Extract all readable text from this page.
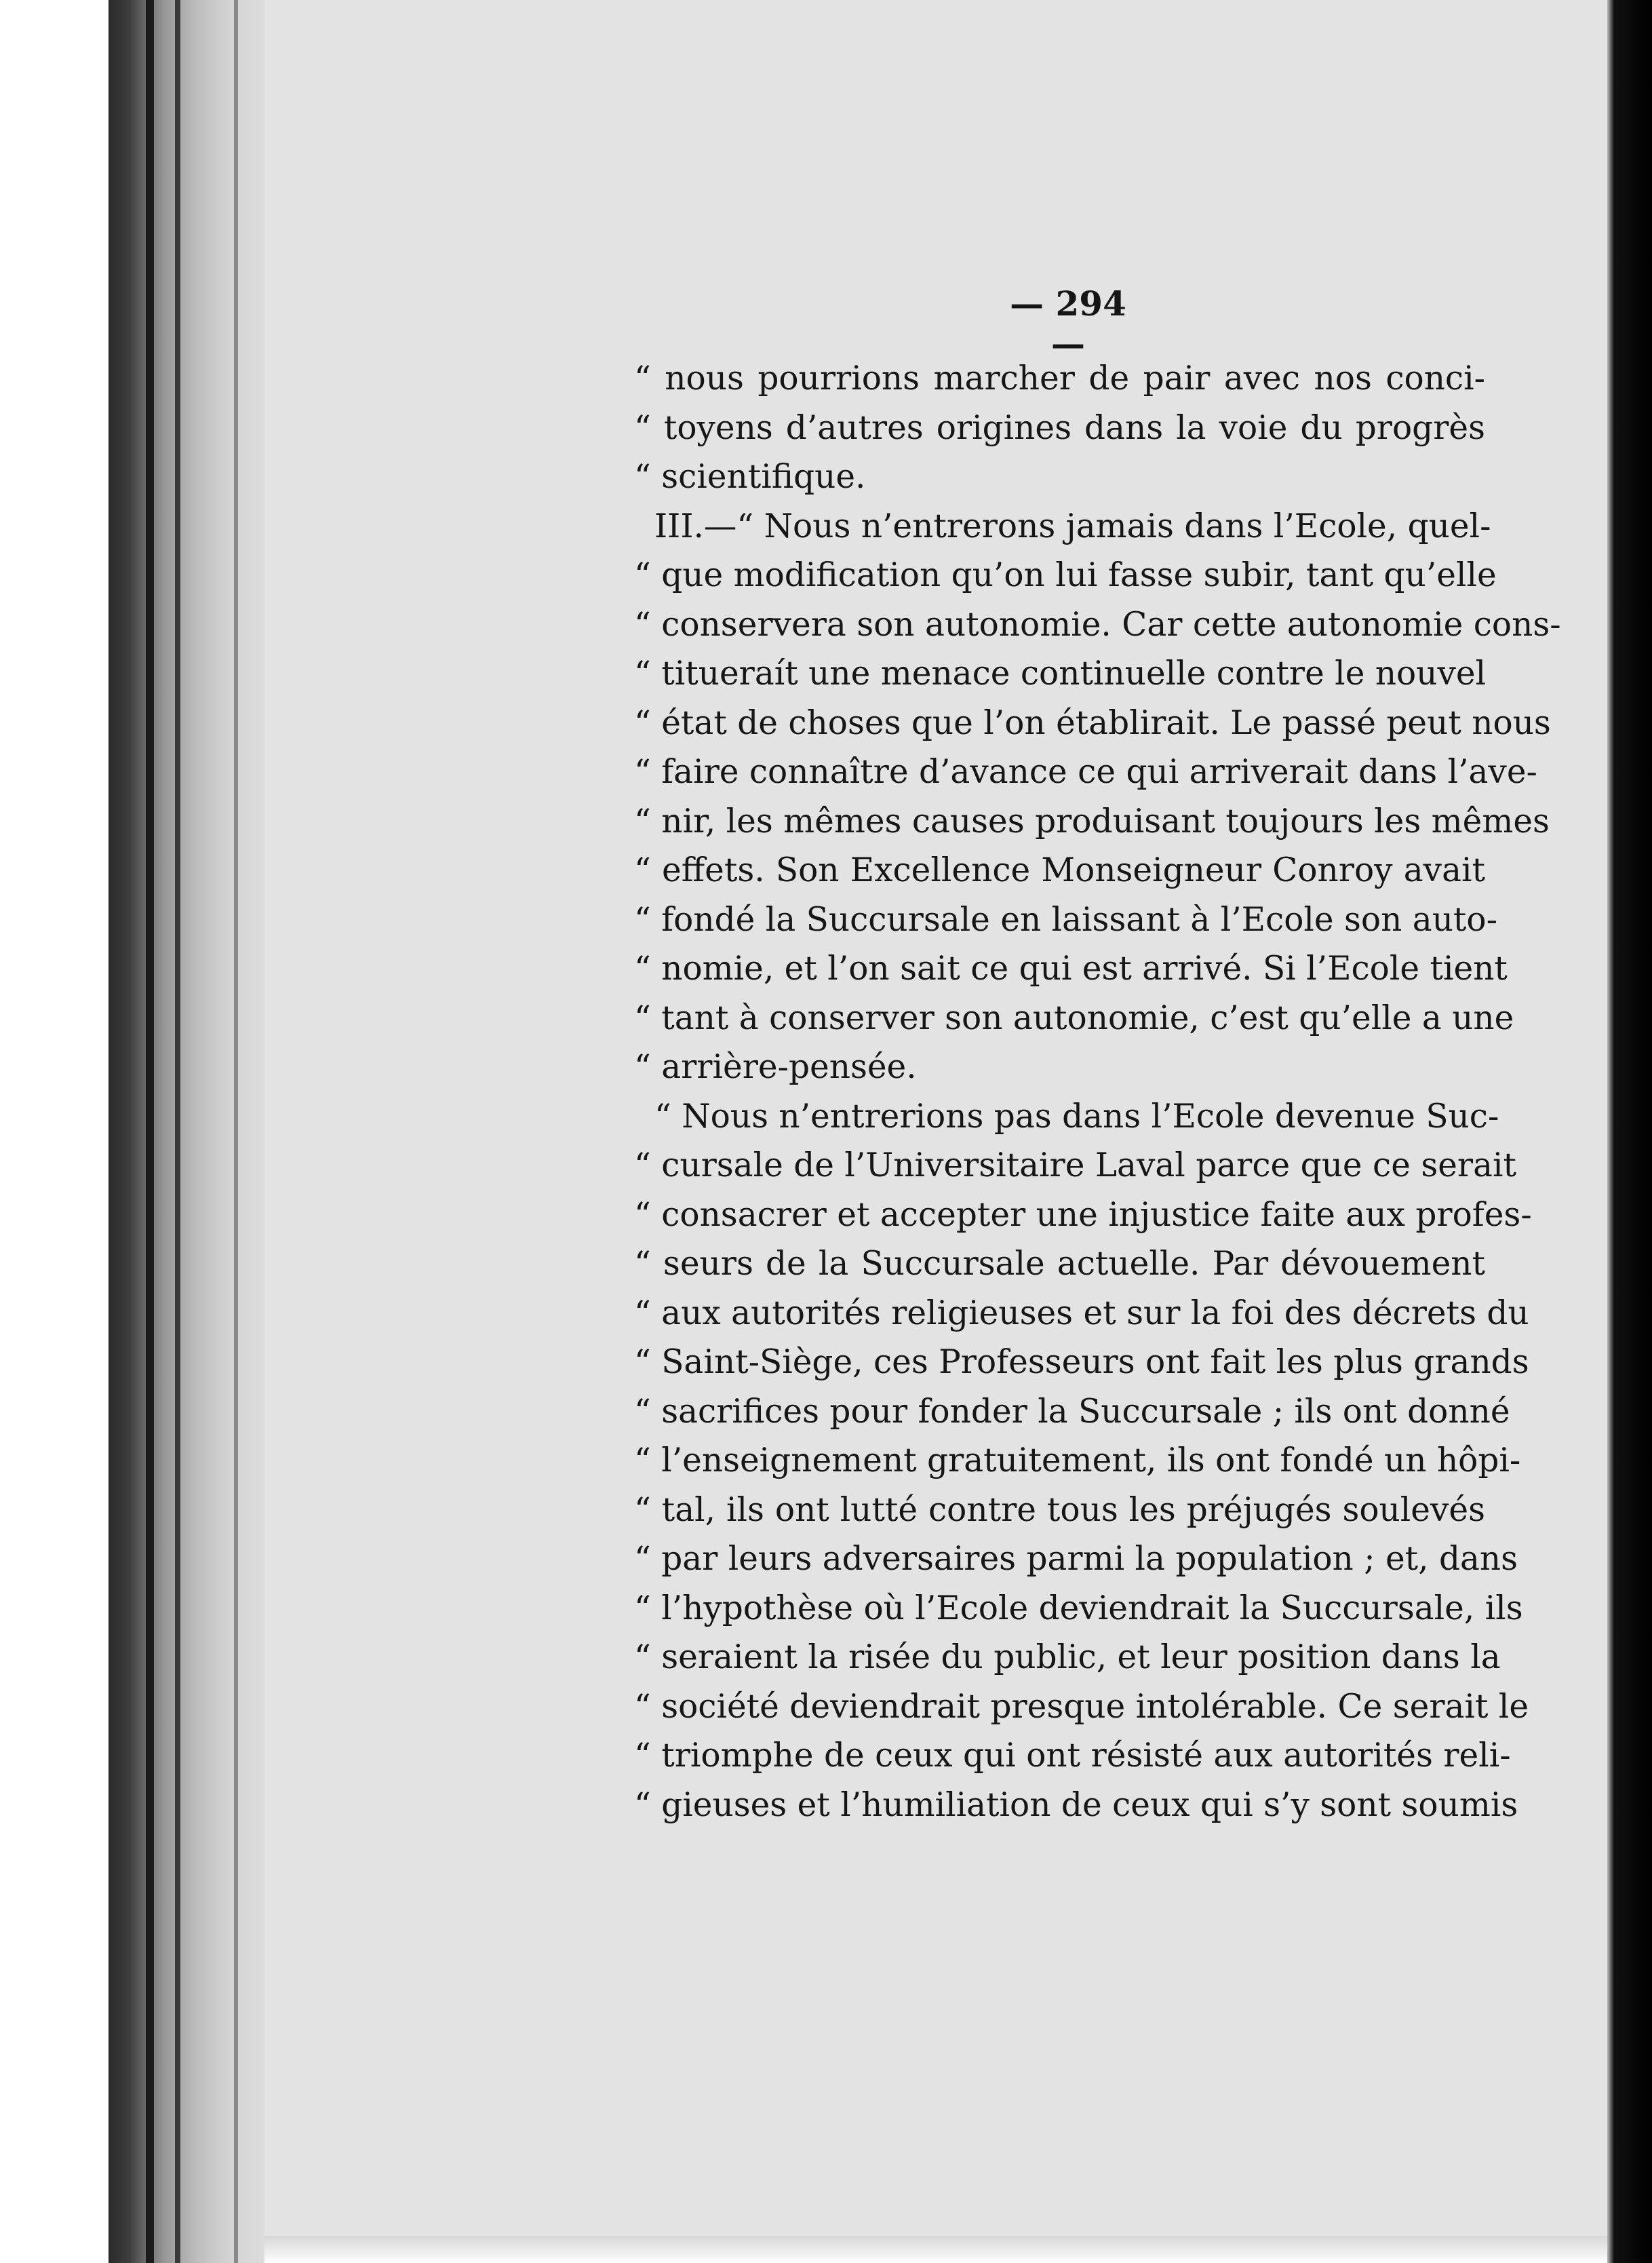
— 294 —
“ nous pourrions marcher de pair avec nos conci-
“ toyens d’autres origines dans la voie du progrès
“ scientifique.
III.—“ Nous n’entrerons jamais dans l’Ecole, quel-
“ que modification qu’on lui fasse subir, tant qu’elle
“ conservera son autonomie. Car cette autonomie cons-
“ titueraít une menace continuelle contre le nouvel
“ état de choses que l’on établirait. Le passé peut nous
“ faire connaître d’avance ce qui arriverait dans l’ave-
“ nir, les mêmes causes produisant toujours les mêmes
“ effets. Son Excellence Monseigneur Conroy avait
“ fondé la Succursale en laissant à l’Ecole son auto-
“ nomie, et l’on sait ce qui est arrivé. Si l’Ecole tient
“ tant à conserver son autonomie, c’est qu’elle a une
“ arrière-pensée.
“ Nous n’entrerions pas dans l’Ecole devenue Suc-
“ cursale de l’Universitaire Laval parce que ce serait
“ consacrer et accepter une injustice faite aux profes-
“ seurs de la Succursale actuelle. Par dévouement
“ aux autorités religieuses et sur la foi des décrets du
“ Saint-Siège, ces Professeurs ont fait les plus grands
“ sacrifices pour fonder la Succursale ; ils ont donné
“ l’enseignement gratuitement, ils ont fondé un hôpi-
“ tal, ils ont lutté contre tous les préjugés soulevés
“ par leurs adversaires parmi la population ; et, dans
“ l’hypothèse où l’Ecole deviendrait la Succursale, ils
“ seraient la risée du public, et leur position dans la
“ société deviendrait presque intolérable. Ce serait le
“ triomphe de ceux qui ont résisté aux autorités reli-
“ gieuses et l’humiliation de ceux qui s’y sont soumis
